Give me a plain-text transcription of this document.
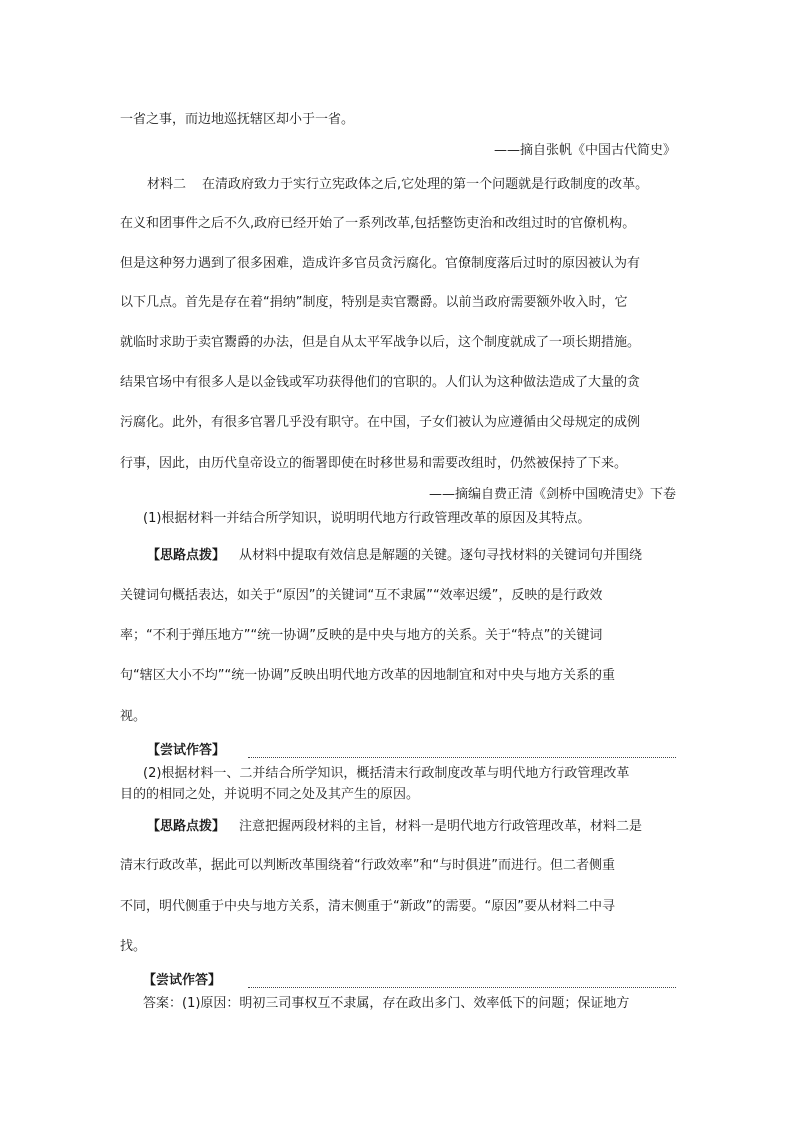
一省之事，而边地巡抚辖区却小于一省。
——摘自张帆《中国古代简史》
材料二 在清政府致力于实行立宪政体之后,它处理的第一个问题就是行政制度的改革。
在义和团事件之后不久,政府已经开始了一系列改革,包括整饬吏治和改组过时的官僚机构。
但是这种努力遇到了很多困难，造成许多官员贪污腐化。官僚制度落后过时的原因被认为有
以下几点。首先是存在着“捐纳”制度，特别是卖官鬻爵。以前当政府需要额外收入时，它
就临时求助于卖官鬻爵的办法，但是自从太平军战争以后，这个制度就成了一项长期措施。
结果官场中有很多人是以金钱或军功获得他们的官职的。人们认为这种做法造成了大量的贪
污腐化。此外，有很多官署几乎没有职守。在中国，子女们被认为应遵循由父母规定的成例
行事，因此，由历代皇帝设立的衙署即使在时移世易和需要改组时，仍然被保持了下来。
——摘编自费正清《剑桥中国晚清史》下卷
(1)根据材料一并结合所学知识，说明明代地方行政管理改革的原因及其特点。
【思路点拨】 从材料中提取有效信息是解题的关键。逐句寻找材料的关键词句并围绕
关键词句概括表达，如关于“原因”的关键词“互不隶属”“效率迟缓”，反映的是行政效
率；“不利于弹压地方”“统一协调”反映的是中央与地方的关系。关于“特点”的关键词
句“辖区大小不均”“统一协调”反映出明代地方改革的因地制宜和对中央与地方关系的重
视。
【尝试作答】
(2)根据材料一、二并结合所学知识，概括清末行政制度改革与明代地方行政管理改革
目的的相同之处，并说明不同之处及其产生的原因。
【思路点拨】 注意把握两段材料的主旨，材料一是明代地方行政管理改革，材料二是
清末行政改革，据此可以判断改革围绕着“行政效率”和“与时俱进”而进行。但二者侧重
不同，明代侧重于中央与地方关系，清末侧重于“新政”的需要。“原因”要从材料二中寻
找。
【尝试作答】
答案：(1)原因：明初三司事权互不隶属，存在政出多门、效率低下的问题；保证地方
